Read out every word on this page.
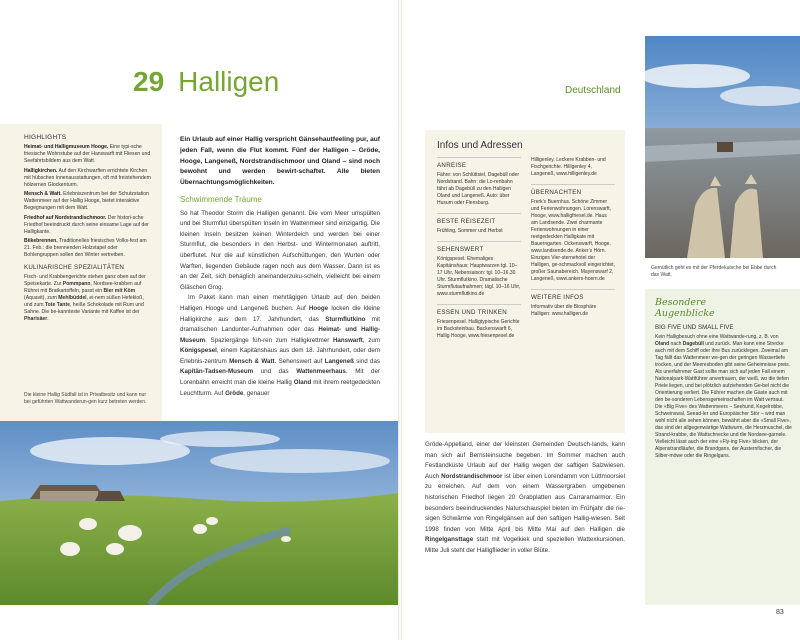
29 Halligen	Deutschland
HIGHLIGHTS
Heimat- und Halligmuseum Hooge. Eine typi-sche friesische Wohnstube auf der Hanswarft mit Fliesen und Seefahrtsbildern aus dem Watt.
Halligkirchen. Auf den Kirchwarften errichtete Kirchen mit hübschen Innenausstattungen, oft mit freistehendem hölzernen Glockenturm.
Mensch & Watt. Erlebniszentrum bei der Schutzstation Wattenmeer auf der Hallig Hooge, bietet interaktive Begegnungen mit dem Watt.
Friedhof auf Nordstrandischmoor. Der histori-sche Friedhof beeindruckt durch seine einsame Lage auf der Halligkante.
Biikebrennen. Traditionelles friesisches Volks-fest am 21. Feb.: die brennenden Holzstapel oder Bohlengruppen sollen den Winter vertreiben.
KULINARISCHE SPEZIALITÄTEN
Fisch- und Krabbengerichte stehen ganz oben auf der Speisekarte. Zur Pommpann, Nordsee-krabben auf Rührei mit Bratkartoffeln, passt ein Bier mit Köm (Aquavit), zum Mehlbüddel, ei-nem süßen Hefekloß, und zum Tote Tante, heiße Schokolade mit Rum und Sahne. Die be-kannteste Variante mit Kaffee ist der Pharisäer.
Die kleine Hallig Südfall ist in Privatbesitz und kann nur bei geführten Wattwanderun-gen kurz betreten werden.
Ein Urlaub auf einer Hallig verspricht Gänsehautfeeling pur, auf jeden Fall, wenn die Flut kommt. Fünf der Halligen – Gröde, Hooge, Langeneß, Nordstrandischmoor und Oland – sind noch bewohnt und werden bewirt-schaftet. Alle bieten Übernachtungsmöglichkeiten.
Schwimmende Träume

So hat Theodor Storm die Halligen genannt. Die vom Meer umspülten und bei Sturmflut überspülten Inseln im Wattenmeer sind einzigartig. Die kleinen Inseln besitzen keinen Winterdeich und werden bei einer Sturmflut, die besonders in den Herbst- und Wintermonaten auftritt, überflutet. Nur die auf künstlichen Aufschüttungen, den Wurten oder Warften, liegenden Gebäude ragen noch aus dem Wasser. Dann ist es an der Zeit, sich behaglich aneinanderzuku-scheln, vielleicht bei einem Gläschen Grog.

Im Paket kann man einen mehrtägigen Urlaub auf den beiden Halligen Hooge und Langeneß buchen. Auf Hooge locken die kleine Halligkirche aus dem 17. Jahrhundert, das Sturmflutkino mit dramatischen Landunter-Aufnahmen oder das Heimat- und Hallig-Museum. Spaziergänge füh-ren zum Halligkrettmer Hanswarft, zum Königspesel, einem Kapitänshaus aus dem 18. Jahrhundert, oder dem Erlebnis-zentrum Mensch & Watt. Sehenswert auf Langeneß sind das Kapitän-Tadsen-Museum und das Wattenmeerhaus. Mit der Lorenbahn erreicht man die kleine Hallig Oland mit ihrem reetgedeckten Leuchtturm. Auf Gröde, genauer

Infos und Adressen
ANREISE
Fähre: von Schlüttsiel, Dagebüll oder Nordstrand. Bahn: die Lo-renbahn fährt ab Dagebüll zu den Halligen Oland und Langeneß. Auto: über Husum oder Flensburg.
BESTE REISEZEIT
Frühling, Sommer und Herbst
SEHENSWERT
Königspesel. Ehemaliges Kapitänshaus; Hauptwarzen tgl. 10–17 Uhr, Nebensaison: tgl. 10–16.30 Uhr. Sturmflutkino. Dramatische Sturmflutaufnahmen; tägl. 10–16 Uhr, www.sturmflutkino.de
ESSEN UND TRINKEN
Friesenpesel. Halligtypische Gerichte im Backsteinbau. Backenswarft 6, Hallig Hooge, www.friesenpesel.de
Hilligenley. Leckere Krabben- und Fischgerichte. Hilligenley 4, Langeneß, www.hilligenley.de
ÜBERNACHTEN
Frerk’s Buernhus. Schöne Zimmer und Ferienwohnungen. Lorenswarft, Hooge, www.halligfriesel.de. Haus am Landsende. Zwei charmante Ferienwohnungen in einer reetgedeckten Halligkate mit Bauerngarten. Ockenswarft, Hooge, www.landsende.de. Anker’s Hörn. Einziges Vier-sternehotel der Halligen, ge-schmackvoll eingerichtet, großer Saunabereich. Mayenswarf 2, Langeneß, www.ankers-hoern.de
WEITERE INFOS
Informativ über die Biosphäre Halligen: www.halligen.de
Gröde-Appelland, einer der kleinsten Gemeinden Deutsch-lands, kann man sich auf Bernsteinsuche begeben. Im Sommer machen auch Festlandküste Urlaub auf der Hallig wegen der saftigen Salzwiesen. Auch Nordstrandischmoor ist über einen Lorendamm von Lüttmoorsiel zu erreichen. Auf dem von einem Wassergraben umgebenen historischen Friedhof liegen 20 Grabplatten aus Carraramarmor. Ein besonders beeindruckendes Naturschauspiel bieten im Frühjahr die rie-sigen Schwärme von Ringelgänsen auf den saftigen Hallig-wiesen. Seit 1998 finden von Mitte April bis Mitte Mai auf den Halligen die Ringelgansttage statt mit Vogelkiek und speziellen Wattexkursionen. Mitte Juli steht der Halligflieder in voller Blüte.
Gemütlich geht es mit der Pferdekutsche bei Ebbe durch das Watt.
Besondere
Augenblicke
BIG FIVE UND SMALL FIVE
Kein Halligbesuch ohne eine Wattwande-rung, z. B. von Oland nach Dagebüll und zurück. Man kann eine Strecke auch mit dem Schiff oder ihre Bus zurücklegen. Zweimal am Tag fällt das Wattenmeer we-gen der geringen Wassertiefe trocken, und der Meeresboden gibt seine Geheimnisse preis. Als unerfahrener Gast sollte man sich auf jeden Fall einem Nationalpark-Wattführer anvertrauen, der weiß, wo die tiefen Priele liegen, und bei plötzlich aufziehenden Ge-bel nicht die Orientierung verliert. Die Führer machen die Gäste auch mit den be-sonderen Lebensgemeinschaften im Watt vertraut. Die «Big Five» des Wattenmeers – Seehund, Kegelrobbe, Schweinswal, Seead-ler und Europäischer Stör – wird man wohl nicht alle sehen können, bewährt aber die «Small Five», das sind der allgegenwärtige Wattwurm, die Herzmuschel, die Strand-krabbe, die Wattschnecke und die Nordsee-garnele. Vielleicht lässt auch der eine «Fly-ing Five» blicken, der Alpenstrandläufer, die Brandgans, der Austernfischer, die Silber-möwe oder die Ringelgans.
83
